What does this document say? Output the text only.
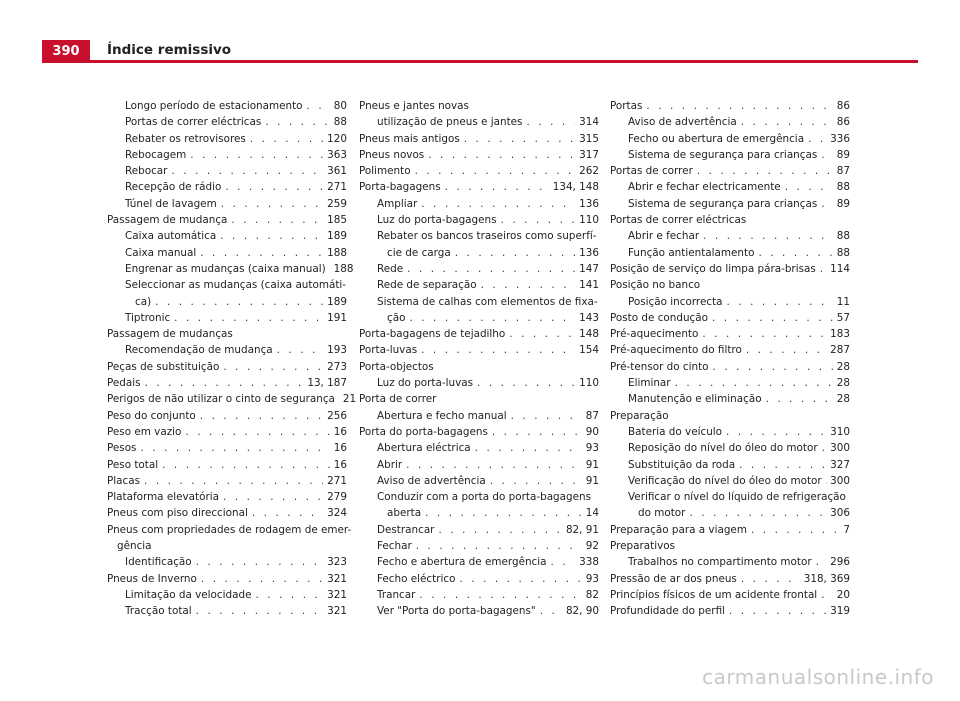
390	Índice remissivo
Longo período de estacionamento . . .	80
Portas de correr eléctricas . . .	88
Rebater os retrovisores . . .	120
Rebocagem . . .	363
Rebocar . . .	361
Recepção de rádio . . .	271
Túnel de lavagem . . .	259
Passagem de mudança . . .	185
Caixa automática . . .	189
Caixa manual . . .	188
Engrenar as mudanças (caixa manual) 188
Seleccionar as mudanças (caixa automáti-
ca) . . .	189
Tiptronic . . .	191
Passagem de mudanças
Recomendação de mudança . . .	193
Peças de substituição . . .	273
Pedais . . .	13, 187
Perigos de não utilizar o cinto de segurança 21
Peso do conjunto . . .	256
Peso em vazio . . .	16
Pesos . . .	16
Peso total . . .	16
Placas . . .	271
Plataforma elevatória . . .	279
Pneus com piso direccional . . .	324
Pneus com propriedades de rodagem de emer-
gência
Identificação . . .	323
Pneus de Inverno . . .	321
Limitação da velocidade . . .	321
Tracção total . . .	321
Pneus e jantes novas
utilização de pneus e jantes . . .	314
Pneus mais antigos . . .	315
Pneus novos . . .	317
Polimento . . .	262
Porta-bagagens . . .	134, 148
Ampliar . . .	136
Luz do porta-bagagens . . .	110
Rebater os bancos traseiros como superfí-
cie de carga . . .	136
Rede . . .	147
Rede de separação . . .	141
Sistema de calhas com elementos de fixa-
ção . . .	143
Porta-bagagens de tejadilho . . .	148
Porta-luvas . . .	154
Porta-objectos
Luz do porta-luvas . . .	110
Porta de correr
Abertura e fecho manual . . .	87
Porta do porta-bagagens . . .	90
Abertura eléctrica . . .	93
Abrir . . .	91
Aviso de advertência . . .	91
Conduzir com a porta do porta-bagagens
aberta . . .	14
Destrancar . . .	82, 91
Fechar . . .	92
Fecho e abertura de emergência . . .	338
Fecho eléctrico . . .	93
Trancar . . .	82
Ver "Porta do porta-bagagens" . . .	82, 90
Portas . . .	86
Aviso de advertência . . .	86
Fecho ou abertura de emergência . . .	336
Sistema de segurança para crianças . . . 89
Portas de correr . . .	87
Abrir e fechar electricamente . . .	88
Sistema de segurança para crianças . . . 89
Portas de correr eléctricas
Abrir e fechar . . .	88
Função antientalamento . . .	88
Posição de serviço do limpa pára-brisas . . . 114
Posição no banco
Posição incorrecta . . .	11
Posto de condução . . .	57
Pré-aquecimento . . .	183
Pré-aquecimento do filtro . . .	287
Pré-tensor do cinto . . .	28
Eliminar . . .	28
Manutenção e eliminação . . .	28
Preparação
Bateria do veículo . . .	310
Reposição do nível do óleo do motor . . . 300
Substituição da roda . . .	327
Verificação do nível do óleo do motor . . . 300
Verificar o nível do líquido de refrigeração
do motor . . .	306
Preparação para a viagem . . .	7
Preparativos
Trabalhos no compartimento motor . . . 296
Pressão de ar dos pneus . . .	318, 369
Princípios físicos de um acidente frontal . . . 20
Profundidade do perfil . . .	319
carmanualsonline.info
